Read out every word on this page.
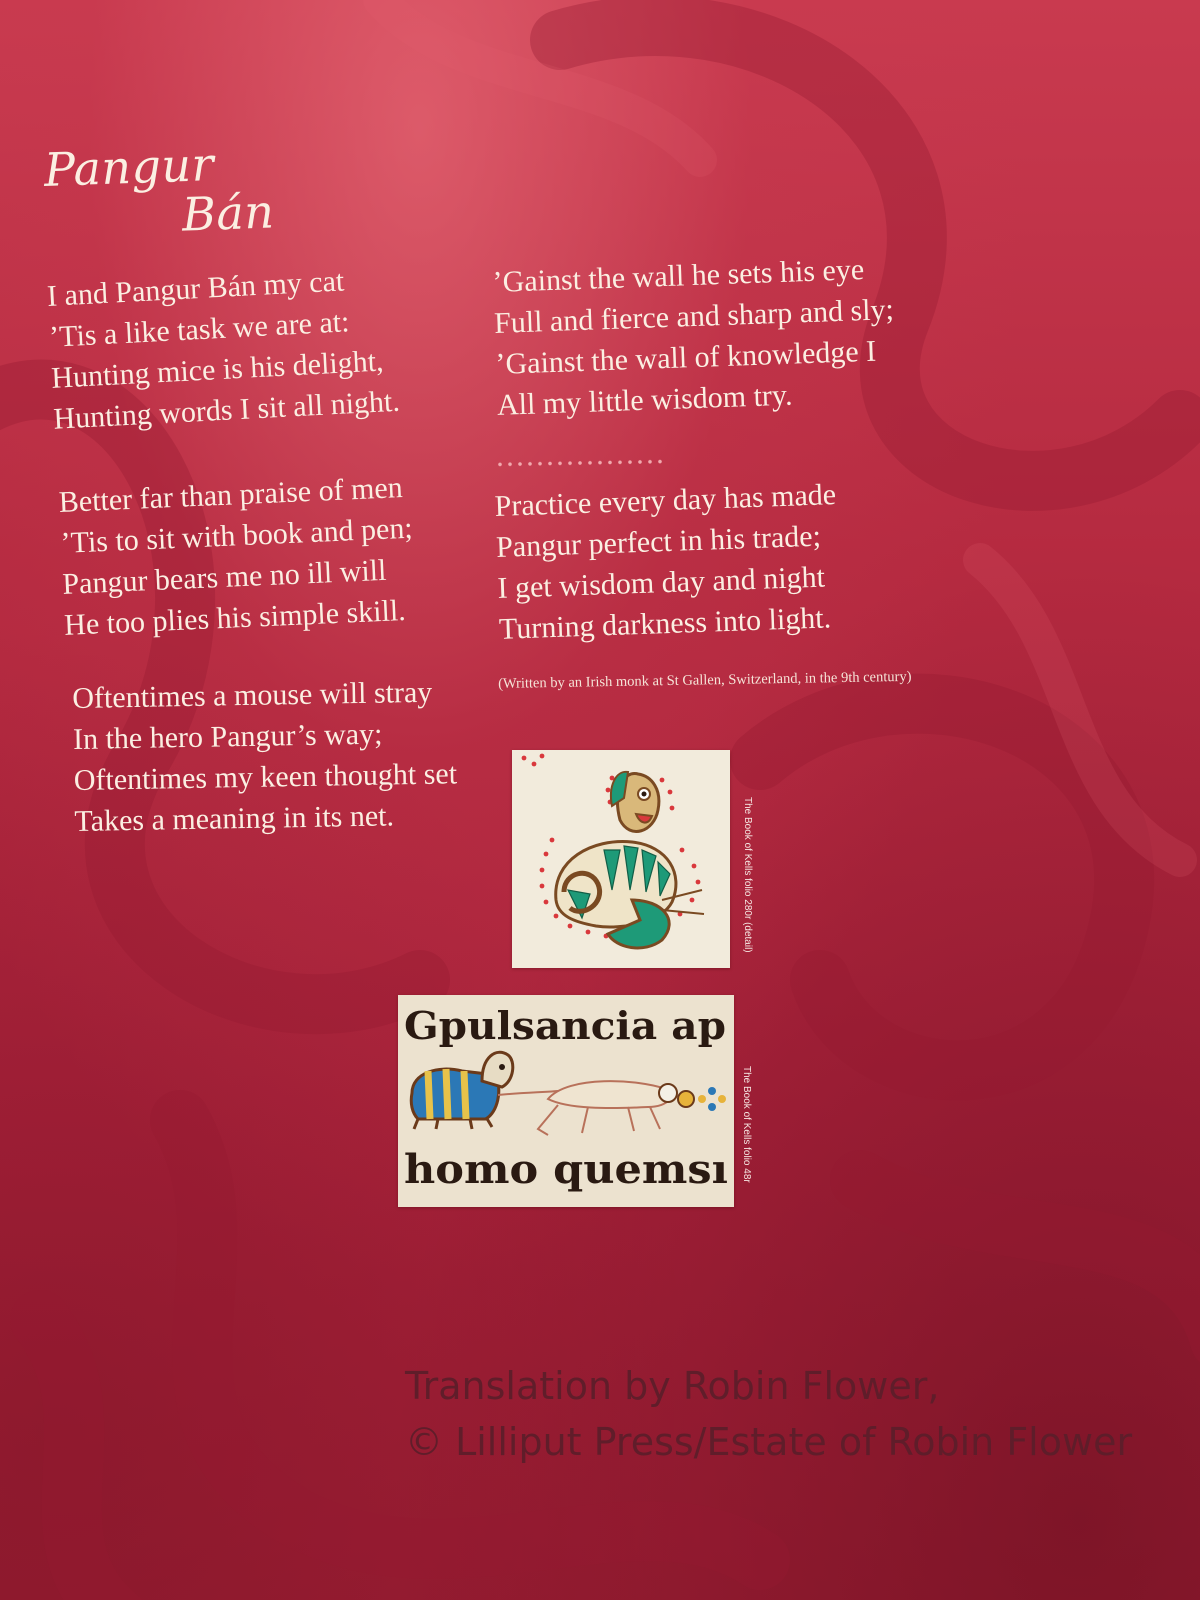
Pangur
Bán
I and Pangur Bán my cat
’Tis a like task we are at:
Hunting mice is his delight,
Hunting words I sit all night.
Better far than praise of men
’Tis to sit with book and pen;
Pangur bears me no ill will
He too plies his simple skill.
Oftentimes a mouse will stray
In the hero Pangur’s way;
Oftentimes my keen thought set
Takes a meaning in its net.
’Gainst the wall he sets his eye
Full and fierce and sharp and sly;
’Gainst the wall of knowledge I
All my little wisdom try.
Practice every day has made
Pangur perfect in his trade;
I get wisdom day and night
Turning darkness into light.

(Written by an Irish monk at St Gallen, Switzerland, in the 9th century)

The Book of Kells folio 280r (detail)
Gpulsancia ap
homo quemsı The Book of Kells folio 48r

Translation by Robin Flower,
© Lilliput Press/Estate of Robin Flower
